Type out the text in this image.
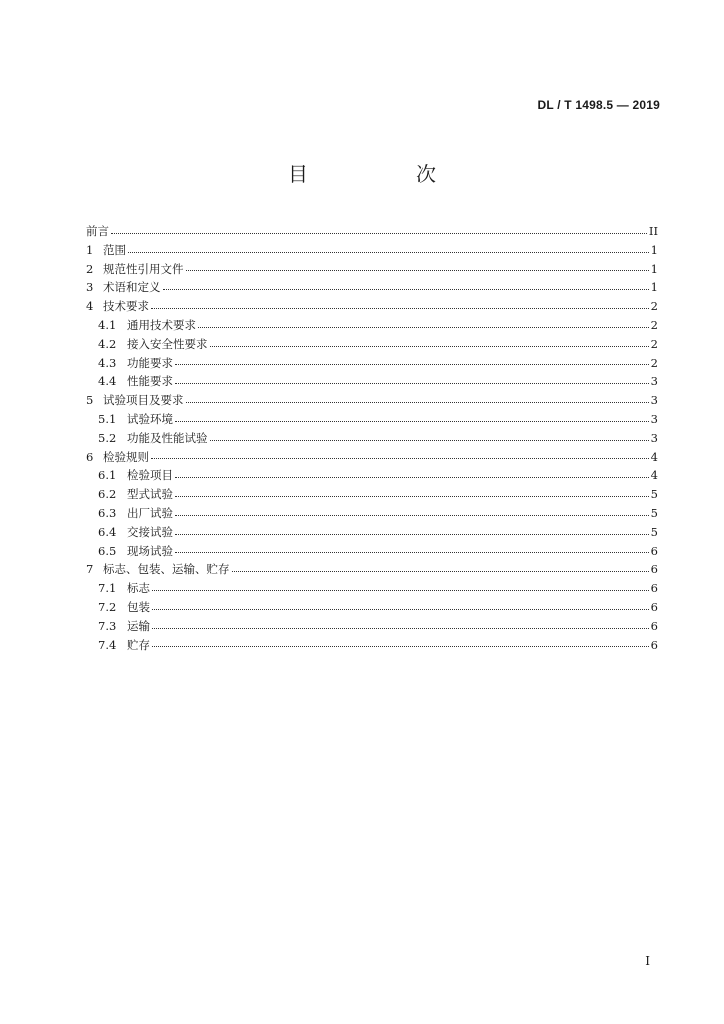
DL / T 1498.5 — 2019
目　次
前言	II
1 范围	1
2 规范性引用文件	1
3 术语和定义	1
4 技术要求	2
4.1 通用技术要求	2
4.2 接入安全性要求	2
4.3 功能要求	2
4.4 性能要求	3
5 试验项目及要求	3
5.1 试验环境	3
5.2 功能及性能试验	3
6 检验规则	4
6.1 检验项目	4
6.2 型式试验	5
6.3 出厂试验	5
6.4 交接试验	5
6.5 现场试验	6
7 标志、包装、运输、贮存	6
7.1 标志	6
7.2 包装	6
7.3 运输	6
7.4 贮存	6
I
